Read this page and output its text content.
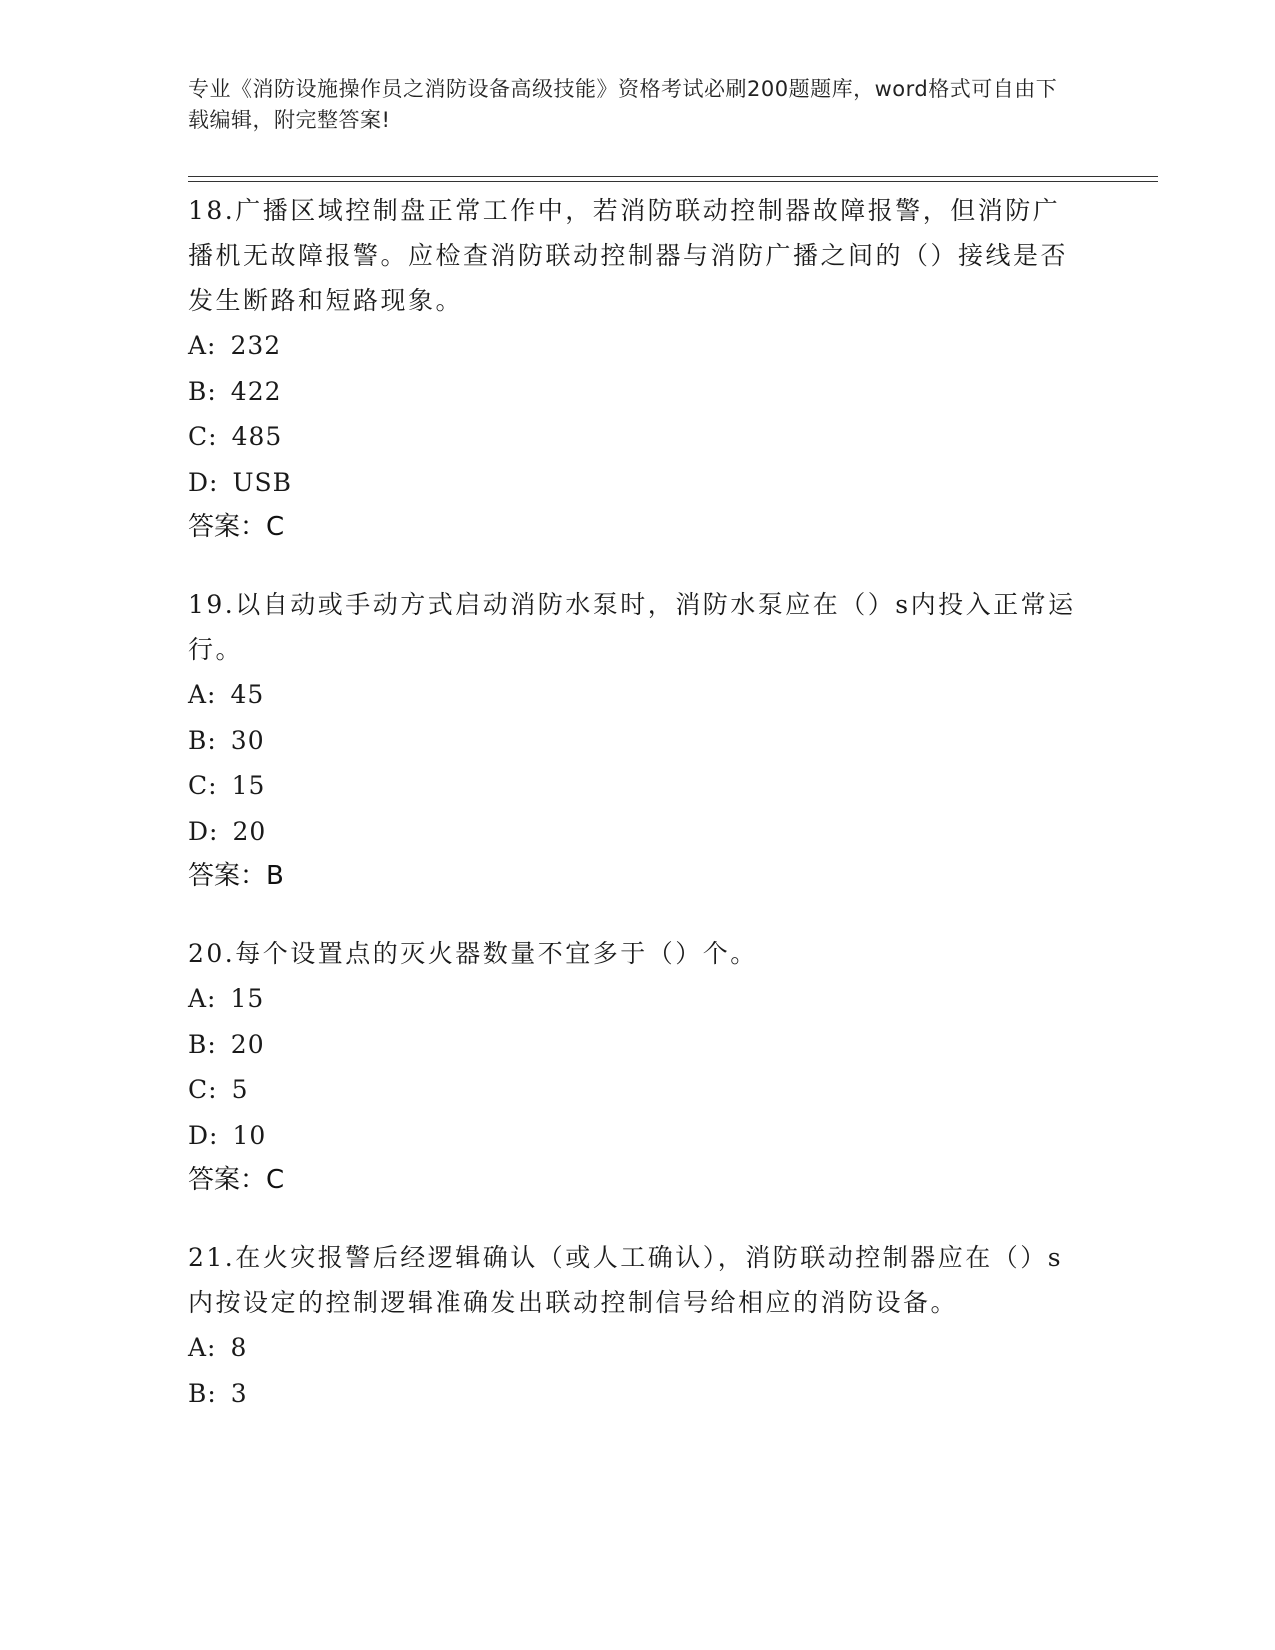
专业《消防设施操作员之消防设备高级技能》资格考试必刷200题题库，word格式可自由下载编辑，附完整答案!
18.广播区域控制盘正常工作中，若消防联动控制器故障报警，但消防广播机无故障报警。应检查消防联动控制器与消防广播之间的（）接线是否发生断路和短路现象。
A: 232
B: 422
C: 485
D: USB
答案：C
19.以自动或手动方式启动消防水泵时，消防水泵应在（）s内投入正常运行。
A: 45
B: 30
C: 15
D: 20
答案：B
20.每个设置点的灭火器数量不宜多于（）个。
A: 15
B: 20
C: 5
D: 10
答案：C
21.在火灾报警后经逻辑确认（或人工确认），消防联动控制器应在（）s内按设定的控制逻辑准确发出联动控制信号给相应的消防设备。
A: 8
B: 3
